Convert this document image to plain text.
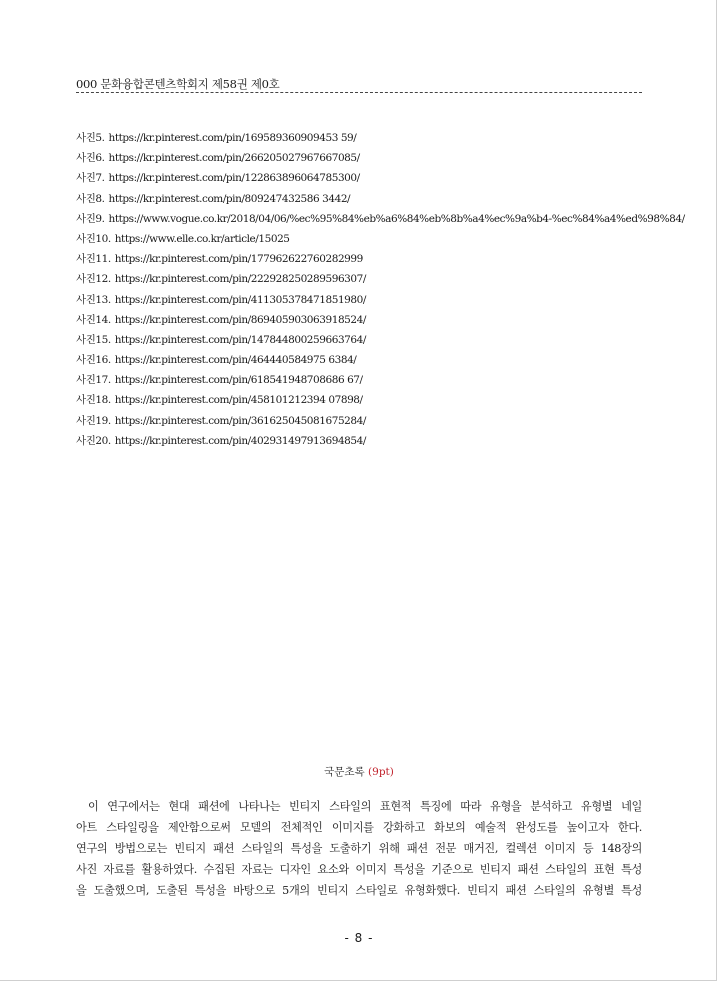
000 문화융합콘텐츠학회지 제58권 제0호
사진5. https://kr.pinterest.com/pin/169589360909453 59/
사진6. https://kr.pinterest.com/pin/266205027967667085/
사진7. https://kr.pinterest.com/pin/122863896064785300/
사진8. https://kr.pinterest.com/pin/809247432586 3442/
사진9. https://www.vogue.co.kr/2018/04/06/%ec%95%84%eb%a6%84%eb%8b%a4%ec%9a%b4-%ec%84%a4%ed%98%84/
사진10. https://www.elle.co.kr/article/15025
사진11. https://kr.pinterest.com/pin/177962622760282999
사진12. https://kr.pinterest.com/pin/222928250289596307/
사진13. https://kr.pinterest.com/pin/411305378471851980/
사진14. https://kr.pinterest.com/pin/869405903063918524/
사진15. https://kr.pinterest.com/pin/147844800259663764/
사진16. https://kr.pinterest.com/pin/464440584975 6384/
사진17. https://kr.pinterest.com/pin/618541948708686 67/
사진18. https://kr.pinterest.com/pin/458101212394 07898/
사진19. https://kr.pinterest.com/pin/361625045081675284/
사진20. https://kr.pinterest.com/pin/402931497913694854/
국문초록 (9pt)
이 연구에서는 현대 패션에 나타나는 빈티지 스타일의 표현적 특징에 따라 유형을 분석하고 유형별 네일
아트 스타일링을 제안함으로써 모델의 전체적인 이미지를 강화하고 화보의 예술적 완성도를 높이고자 한다.
연구의 방법으로는 빈티지 패션 스타일의 특성을 도출하기 위해 패션 전문 매거진, 컬렉션 이미지 등 148장의
사진 자료를 활용하였다. 수집된 자료는 디자인 요소와 이미지 특성을 기준으로 빈티지 패션 스타일의 표현 특성
을 도출했으며, 도출된 특성을 바탕으로 5개의 빈티지 스타일로 유형화했다. 빈티지 패션 스타일의 유형별 특성
- 8 -
